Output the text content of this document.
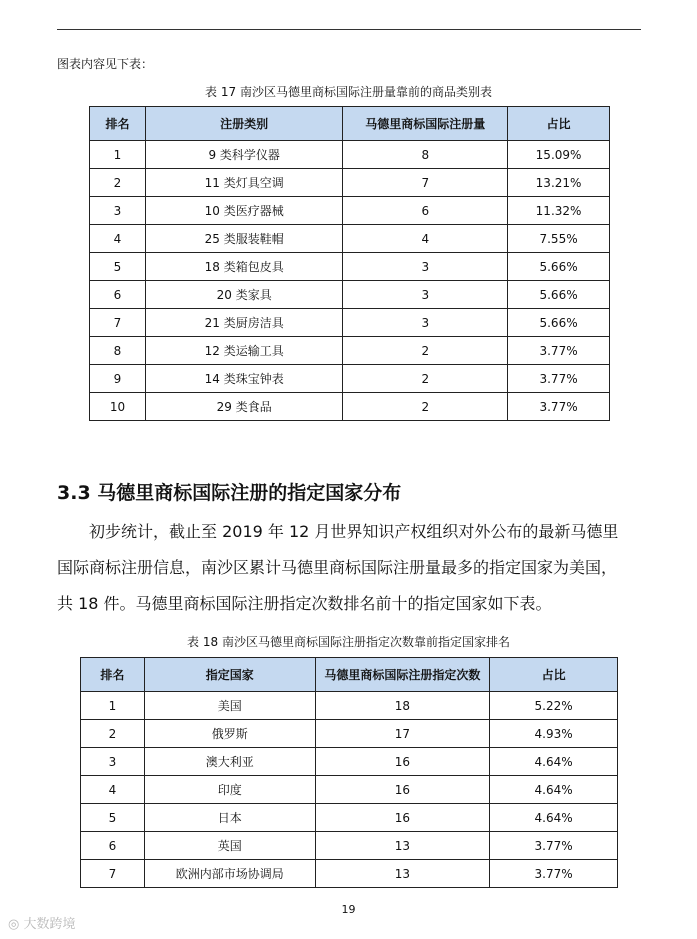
图表内容见下表：
表 17 南沙区马德里商标国际注册量靠前的商品类别表
排名	注册类别	马德里商标国际注册量	占比
1	9 类科学仪器	8	15.09%
2	11 类灯具空调	7	13.21%
3	10 类医疗器械	6	11.32%
4	25 类服装鞋帽	4	7.55%
5	18 类箱包皮具	3	5.66%
6	20 类家具	3	5.66%
7	21 类厨房洁具	3	5.66%
8	12 类运输工具	2	3.77%
9	14 类珠宝钟表	2	3.77%
10	29 类食品	2	3.77%
3.3 马德里商标国际注册的指定国家分布
　　初步统计，截止至 2019 年 12 月世界知识产权组织对外公布的最新马德里
国际商标注册信息，南沙区累计马德里商标国际注册量最多的指定国家为美国，
共 18 件。马德里商标国际注册指定次数排名前十的指定国家如下表。
表 18 南沙区马德里商标国际注册指定次数靠前指定国家排名
排名	指定国家	马德里商标国际注册指定次数	占比
1	美国	18	5.22%
2	俄罗斯	17	4.93%
3	澳大利亚	16	4.64%
4	印度	16	4.64%
5	日本	16	4.64%
6	英国	13	3.77%
7	欧洲内部市场协调局	13	3.77%
19
◎ 大数跨境
